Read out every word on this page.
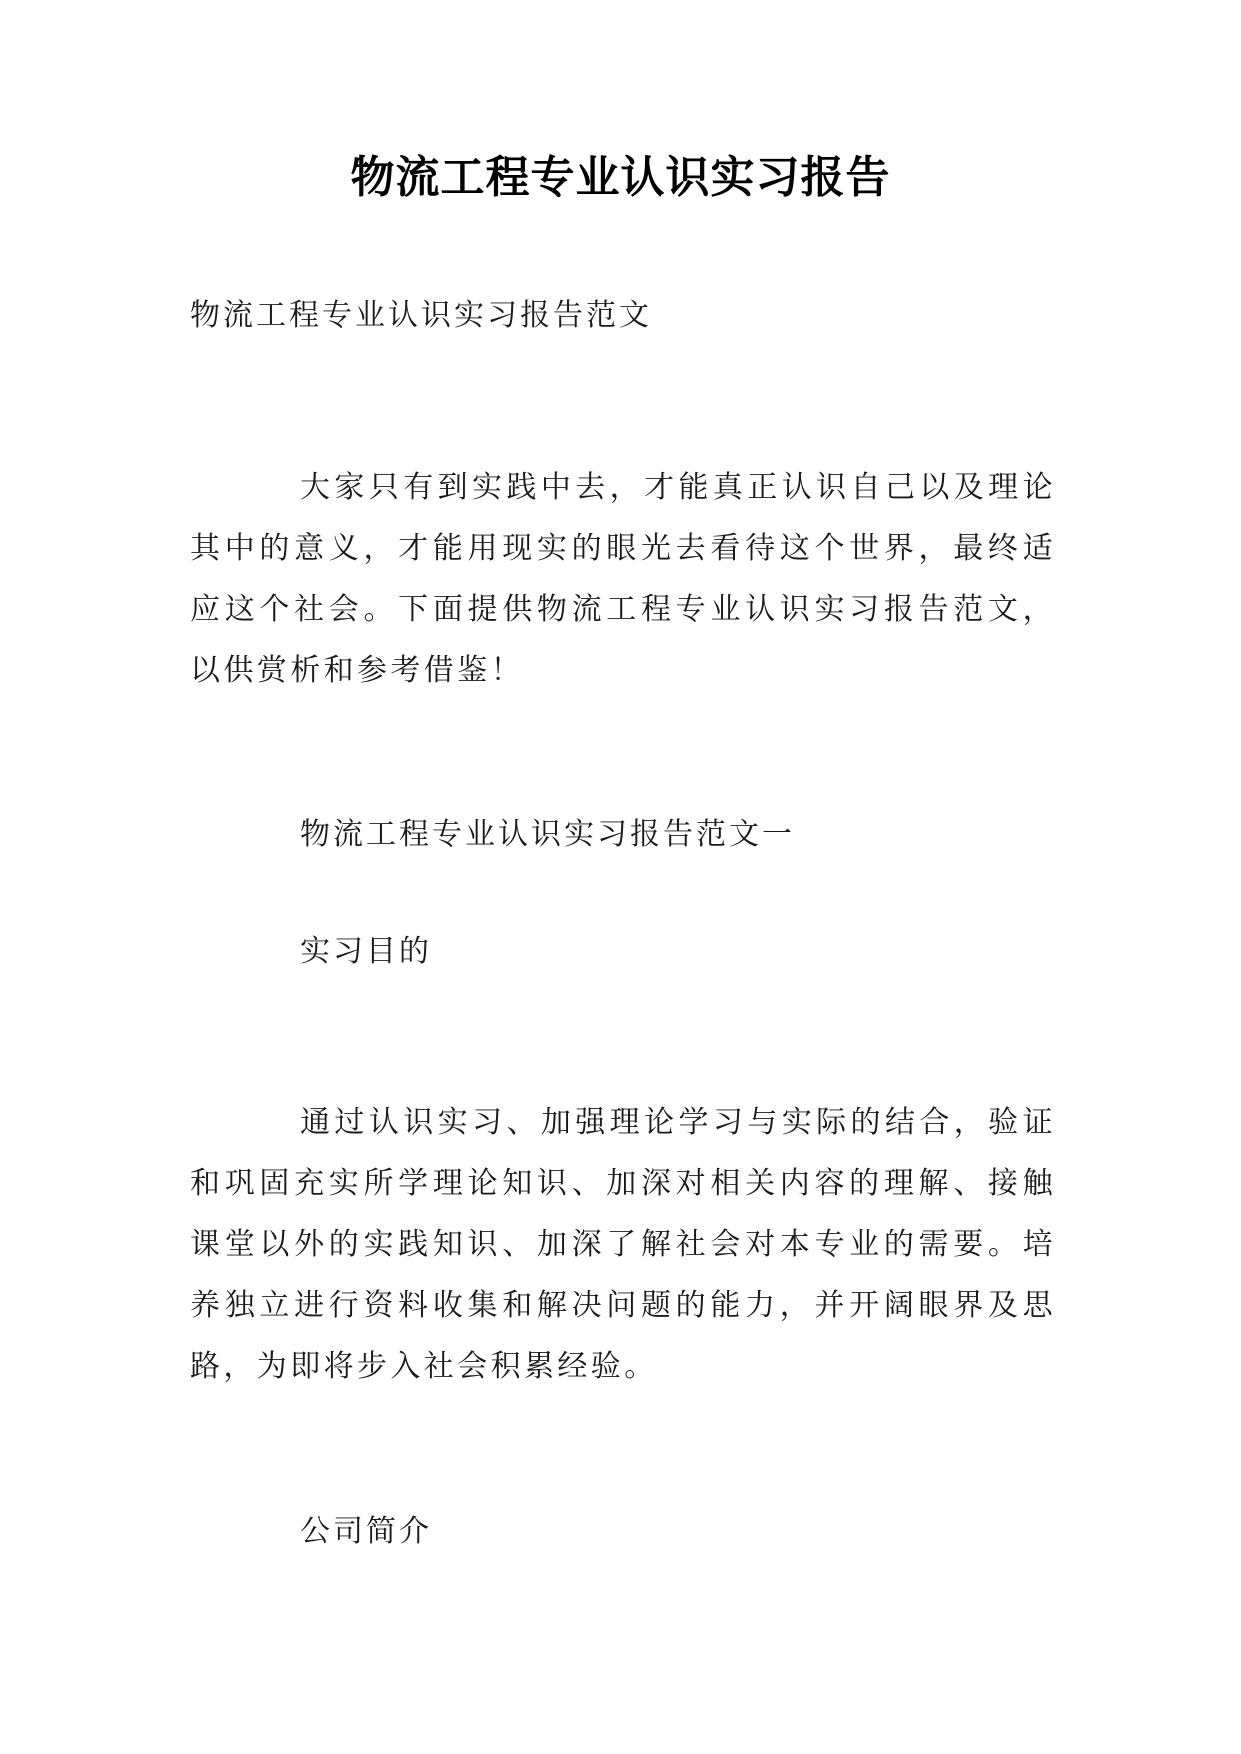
物流工程专业认识实习报告
物流工程专业认识实习报告范文
大家只有到实践中去，才能真正认识自己以及理论其中的意义，才能用现实的眼光去看待这个世界，最终适应这个社会。下面提供物流工程专业认识实习报告范文，以供赏析和参考借鉴！
物流工程专业认识实习报告范文一
实习目的
通过认识实习、加强理论学习与实际的结合，验证和巩固充实所学理论知识、加深对相关内容的理解、接触课堂以外的实践知识、加深了解社会对本专业的需要。培养独立进行资料收集和解决问题的能力，并开阔眼界及思路，为即将步入社会积累经验。
公司简介
